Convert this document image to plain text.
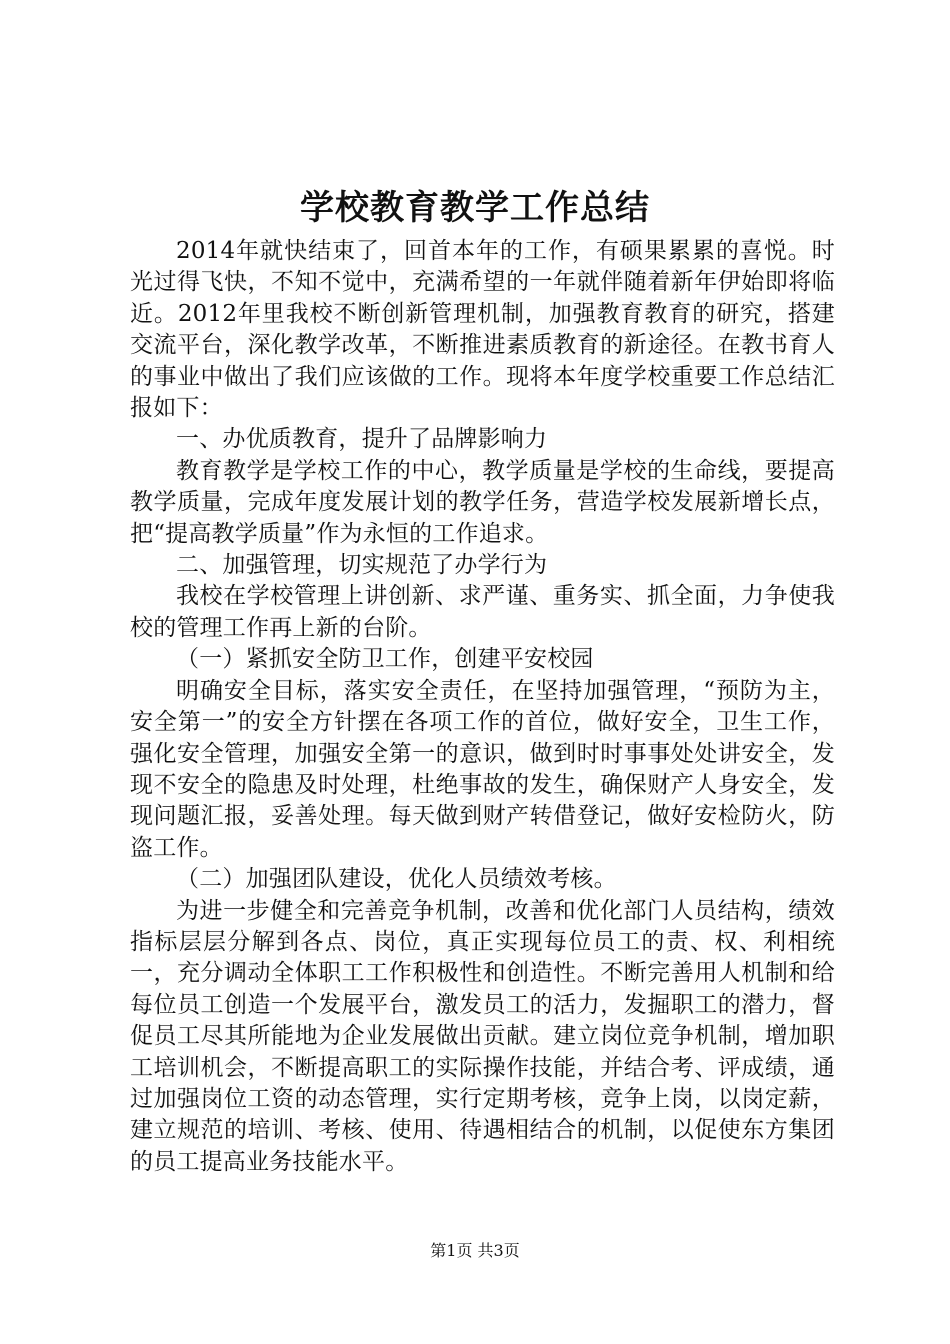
学校教育教学工作总结

2014年就快结束了，回首本年的工作，有硕果累累的喜悦。时光过得飞快，不知不觉中，充满希望的一年就伴随着新年伊始即将临近。2012年里我校不断创新管理机制，加强教育教育的研究，搭建交流平台，深化教学改革，不断推进素质教育的新途径。在教书育人的事业中做出了我们应该做的工作。现将本年度学校重要工作总结汇报如下：

一、办优质教育，提升了品牌影响力

教育教学是学校工作的中心，教学质量是学校的生命线，要提高教学质量，完成年度发展计划的教学任务，营造学校发展新增长点，把“提高教学质量”作为永恒的工作追求。

二、加强管理，切实规范了办学行为

我校在学校管理上讲创新、求严谨、重务实、抓全面，力争使我校的管理工作再上新的台阶。

（一）紧抓安全防卫工作，创建平安校园

明确安全目标，落实安全责任，在坚持加强管理，“预防为主，安全第一”的安全方针摆在各项工作的首位，做好安全，卫生工作，强化安全管理，加强安全第一的意识，做到时时事事处处讲安全，发现不安全的隐患及时处理，杜绝事故的发生，确保财产人身安全，发现问题汇报，妥善处理。每天做到财产转借登记，做好安检防火，防盗工作。

（二）加强团队建设，优化人员绩效考核。

为进一步健全和完善竞争机制，改善和优化部门人员结构，绩效指标层层分解到各点、岗位，真正实现每位员工的责、权、利相统一，充分调动全体职工工作积极性和创造性。不断完善用人机制和给每位员工创造一个发展平台，激发员工的活力，发掘职工的潜力，督促员工尽其所能地为企业发展做出贡献。建立岗位竞争机制，增加职工培训机会，不断提高职工的实际操作技能，并结合考、评成绩，通过加强岗位工资的动态管理，实行定期考核，竞争上岗，以岗定薪，建立规范的培训、考核、使用、待遇相结合的机制，以促使东方集团的员工提高业务技能水平。

第1页 共3页
